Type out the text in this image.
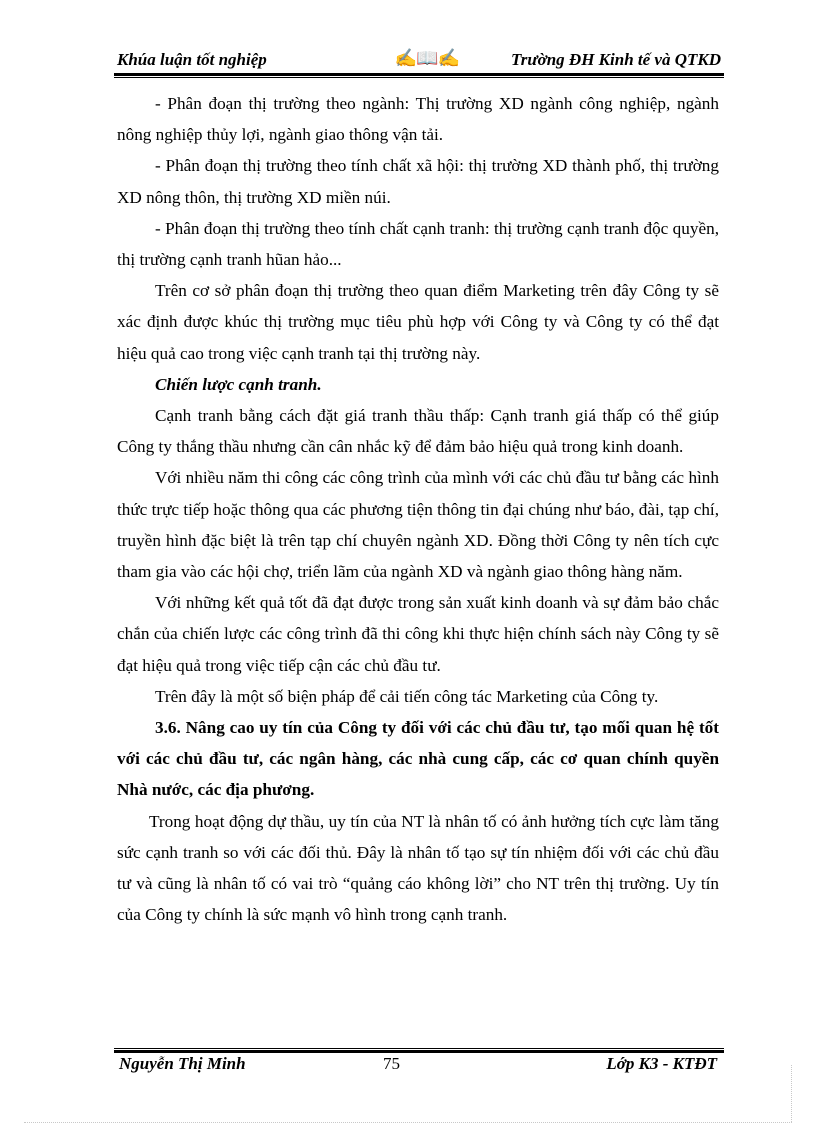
Khúa luận tốt nghiệp	✍📖✍	Trường ĐH Kinh tế và QTKD

- Phân đoạn thị trường theo ngành: Thị trường XD ngành công nghiệp, ngành nông nghiệp thủy lợi, ngành giao thông vận tải.

- Phân đoạn thị trường theo tính chất xã hội: thị trường XD thành phố, thị trường XD nông thôn, thị trường XD miền núi.

- Phân đoạn thị trường theo tính chất cạnh tranh: thị trường cạnh tranh độc quyền, thị trường cạnh tranh hũan hảo...

Trên cơ sở phân đoạn thị trường theo quan điểm Marketing trên đây Công ty sẽ xác định được khúc thị trường mục tiêu phù hợp với Công ty và Công ty có thể đạt hiệu quả cao trong việc cạnh tranh tại thị trường này.

Chiến lược cạnh tranh.

Cạnh tranh bằng cách đặt giá tranh thầu thấp: Cạnh tranh giá thấp có thể giúp Công ty thắng thầu nhưng cần cân nhắc kỹ để đảm bảo hiệu quả trong kinh doanh.

Với nhiều năm thi công các công trình của mình với các chủ đầu tư bằng các hình thức trực tiếp hoặc thông qua các phương tiện thông tin đại chúng như báo, đài, tạp chí, truyền hình đặc biệt là trên tạp chí chuyên ngành XD. Đồng thời Công ty nên tích cực tham gia vào các hội chợ, triển lãm của ngành XD và ngành giao thông hàng năm.

Với những kết quả tốt đã đạt được trong sản xuất kinh doanh và sự đảm bảo chắc chắn của chiến lược các công trình đã thi công khi thực hiện chính sách này Công ty sẽ đạt hiệu quả trong việc tiếp cận các chủ đầu tư.

Trên đây là một số biện pháp để cải tiến công tác Marketing của Công ty.

3.6. Nâng cao uy tín của Công ty đối với các chủ đầu tư, tạo mối quan hệ tốt với các chủ đầu tư, các ngân hàng, các nhà cung cấp, các cơ quan chính quyền Nhà nước, các địa phương.

Trong hoạt động dự thầu, uy tín của NT là nhân tố có ảnh hưởng tích cực làm tăng sức cạnh tranh so với các đối thủ. Đây là nhân tố tạo sự tín nhiệm đối với các chủ đầu tư và cũng là nhân tố có vai trò “quảng cáo không lời” cho NT trên thị trường. Uy tín của Công ty chính là sức mạnh vô hình trong cạnh tranh.

Nguyễn Thị Minh	75	Lớp K3 - KTĐT
